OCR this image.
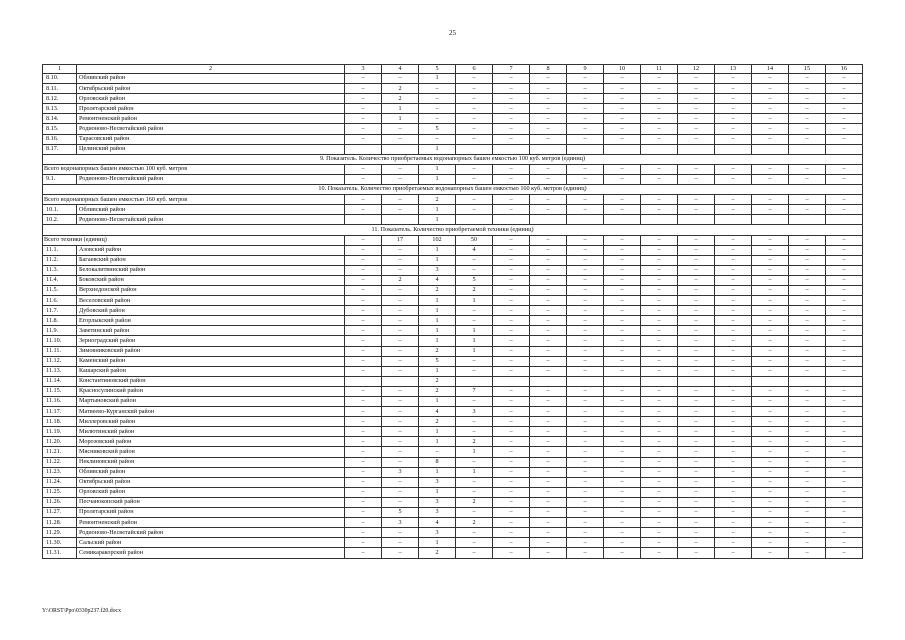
25
1	2	3	4	5	6	7	8	9	10	11	12	13	14	15	16
8.10.	Обливский район	–	–	1	–	–	–	–	–	–	–	–	–	–	–
8.11.	Октябрьский район	–	2	–	–	–	–	–	–	–	–	–	–	–	–
8.12.	Орловский район	–	2	–	–	–	–	–	–	–	–	–	–	–	–
8.13.	Пролетарский район	–	1	–	–	–	–	–	–	–	–	–	–	–	–
8.14.	Ремонтненский район	–	1	–	–	–	–	–	–	–	–	–	–	–	–
8.15.	Родионово-Несветайский район	–	–	5	–	–	–	–	–	–	–	–	–	–	–
8.16.	Тарасовский район	–	–	–	–	–	–	–	–	–	–	–	–	–	–
8.17.	Целинский район			1											
9. Показатель. Количество приобретаемых водонапорных башен емкостью 100 куб. метров (единиц)															
Всего водонапорных башен емкостью 100 куб. метров		–	–	1	–	–	–	–	–	–	–	–	–	–	–
9.1.	Родионово-Несветайский район	–	–	1	–	–	–	–	–	–	–	–	–	–	–
10. Показатель. Количество приобретаемых водонапорных башен емкостью 160 куб. метров (единиц)															
Всего водонапорных башен емкостью 160 куб. метров		–	–	2	–	–	–	–	–	–	–	–	–	–	–
10.1.	Обливский район	–	–	1	–	–	–	–	–	–	–	–	–	–	–
10.2.	Родионово-Несветайский район			1											
11. Показатель. Количество приобретаемой техники (единиц)															
Всего техники (единиц)		–	17	102	50	–	–	–	–	–	–	–	–	–	–
11.1.	Азовский район	–	–	1	4	–	–	–	–	–	–	–	–	–	–
11.2.	Багаевский район	–	–	1	–	–	–	–	–	–	–	–	–	–	–
11.3.	Белокалитвинский район	–	–	3	–	–	–	–	–	–	–	–	–	–	–
11.4.	Боковский район	–	2	4	5	–	–	–	–	–	–	–	–	–	–
11.5.	Верхнедонской район	–	–	2	2	–	–	–	–	–	–	–	–	–	–
11.6.	Веселовский район	–	–	1	1	–	–	–	–	–	–	–	–	–	–
11.7.	Дубовский район	–	–	1	–	–	–	–	–	–	–	–	–	–	–
11.8.	Егорлыкский район	–	–	1	–	–	–	–	–	–	–	–	–	–	–
11.9.	Заветинский район	–	–	1	1	–	–	–	–	–	–	–	–	–	–
11.10.	Зерноградский район	–	–	1	1	–	–	–	–	–	–	–	–	–	–
11.11.	Зимовниковский район	–	–	2	1	–	–	–	–	–	–	–	–	–	–
11.12.	Каменский район	–	–	5	–	–	–	–	–	–	–	–	–	–	–
11.13.	Кашарский район	–	–	1	–	–	–	–	–	–	–	–	–	–	–
11.14.	Константиновский район			2											
11.15.	Красносулинский район	–	–	2	7	–	–	–	–	–	–	–	–	–	–
11.16.	Мартыновский район	–	–	1	–	–	–	–	–	–	–	–	–	–	–
11.17.	Матвеево-Курганский район	–	–	4	3	–	–	–	–	–	–	–	–	–	–
11.18.	Миллеровский район	–	–	2	–	–	–	–	–	–	–	–	–	–	–
11.19.	Милютинский район	–	–	1	–	–	–	–	–	–	–	–	–	–	–
11.20.	Морозовский район	–	–	1	2	–	–	–	–	–	–	–	–	–	–
11.21.	Мясниковский район	–	–	–	1	–	–	–	–	–	–	–	–	–	–
11.22.	Неклиновский район	–	–	8	–	–	–	–	–	–	–	–	–	–	–
11.23.	Обливский район	–	3	1	1	–	–	–	–	–	–	–	–	–	–
11.24.	Октябрьский район	–	–	3	–	–	–	–	–	–	–	–	–	–	–
11.25.	Орловский район	–	–	1	–	–	–	–	–	–	–	–	–	–	–
11.26.	Песчанокопский район	–	–	3	2	–	–	–	–	–	–	–	–	–	–
11.27.	Пролетарский район	–	5	3	–	–	–	–	–	–	–	–	–	–	–
11.28.	Ремонтненский район	–	3	4	2	–	–	–	–	–	–	–	–	–	–
11.29.	Родионово-Несветайский район	–	–	3	–	–	–	–	–	–	–	–	–	–	–
11.30.	Сальский район	–	–	1	–	–	–	–	–	–	–	–	–	–	–
11.31.	Семикаракорский район	–	–	2	–	–	–	–	–	–	–	–	–	–	–
Y:\ORST\Ppo\0330p237.f20.docx
